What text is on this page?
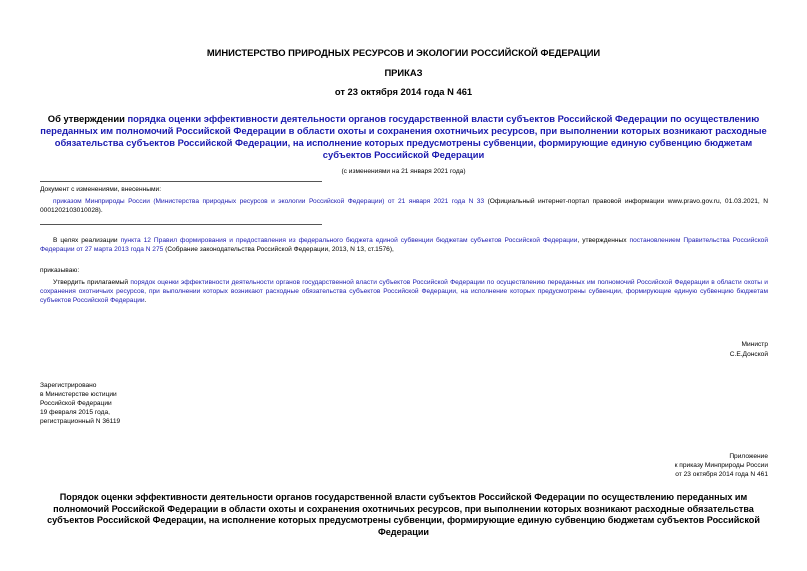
МИНИСТЕРСТВО ПРИРОДНЫХ РЕСУРСОВ И ЭКОЛОГИИ РОССИЙСКОЙ ФЕДЕРАЦИИ
ПРИКАЗ
от 23 октября 2014 года N 461
Об утверждении порядка оценки эффективности деятельности органов государственной власти субъектов Российской Федерации по осуществлению переданных им полномочий Российской Федерации в области охоты и сохранения охотничьих ресурсов, при выполнении которых возникают расходные обязательства субъектов Российской Федерации, на исполнение которых предусмотрены субвенции, формирующие единую субвенцию бюджетам субъектов Российской Федерации
(с изменениями на 21 января 2021 года)
Документ с изменениями, внесенными:
приказом Минприроды России (Министерства природных ресурсов и экологии Российской Федерации) от 21 января 2021 года N 33 (Официальный интернет-портал правовой информации www.pravo.gov.ru, 01.03.2021, N 0001202103010028).
В целях реализации пункта 12 Правил формирования и предоставления из федерального бюджета единой субвенции бюджетам субъектов Российской Федерации, утвержденных постановлением Правительства Российской Федерации от 27 марта 2013 года N 275 (Собрание законодательства Российской Федерации, 2013, N 13, ст.1576),
приказываю:
Утвердить прилагаемый порядок оценки эффективности деятельности органов государственной власти субъектов Российской Федерации по осуществлению переданных им полномочий Российской Федерации в области охоты и сохранения охотничьих ресурсов, при выполнении которых возникают расходные обязательства субъектов Российской Федерации, на исполнение которых предусмотрены субвенции, формирующие единую субвенцию бюджетам субъектов Российской Федерации.
Министр
С.Е.Донской
Зарегистрировано
в Министерстве юстиции
Российской Федерации
19 февраля 2015 года,
регистрационный N 36119
Приложение
к приказу Минприроды России
от 23 октября 2014 года N 461
Порядок оценки эффективности деятельности органов государственной власти субъектов Российской Федерации по осуществлению переданных им полномочий Российской Федерации в области охоты и сохранения охотничьих ресурсов, при выполнении которых возникают расходные обязательства субъектов Российской Федерации, на исполнение которых предусмотрены субвенции, формирующие единую субвенцию бюджетам субъектов Российской Федерации
